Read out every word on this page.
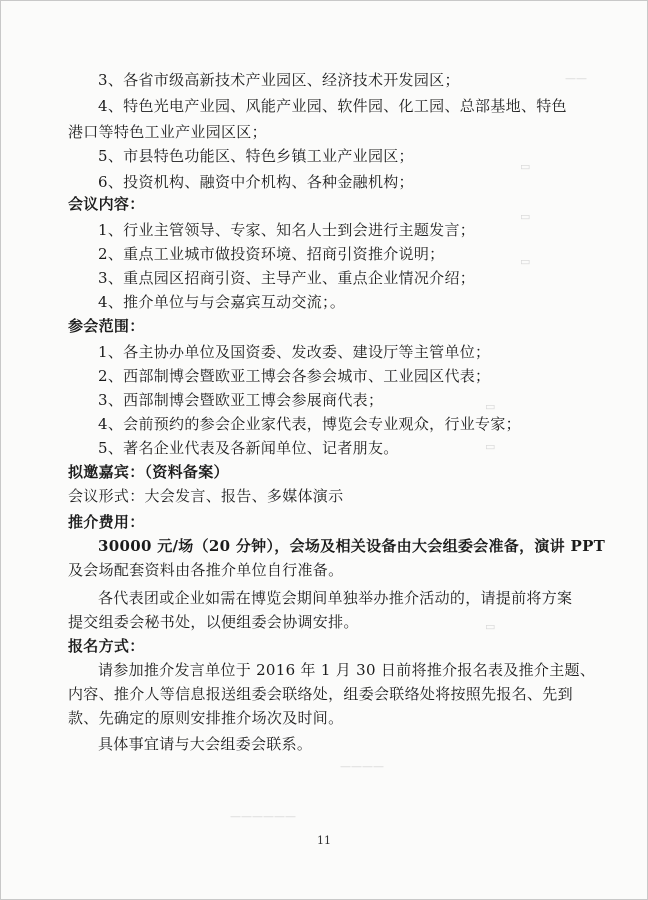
——
▭
▭
▭
▭
▭
▭
————
——————
3、各省市级高新技术产业园区、经济技术开发园区；
4、特色光电产业园、风能产业园、软件园、化工园、总部基地、特色
港口等特色工业产业园区区；
5、市县特色功能区、特色乡镇工业产业园区；
6、投资机构、融资中介机构、各种金融机构；
会议内容：
1、行业主管领导、专家、知名人士到会进行主题发言；
2、重点工业城市做投资环境、招商引资推介说明；
3、重点园区招商引资、主导产业、重点企业情况介绍；
4、推介单位与与会嘉宾互动交流；。
参会范围：
1、各主协办单位及国资委、发改委、建设厅等主管单位；
2、西部制博会暨欧亚工博会各参会城市、工业园区代表；
3、西部制博会暨欧亚工博会参展商代表；
4、会前预约的参会企业家代表，博览会专业观众，行业专家；
5、著名企业代表及各新闻单位、记者朋友。
拟邀嘉宾：（资料备案）
会议形式：大会发言、报告、多媒体演示
推介费用：
30000 元/场（20 分钟），会场及相关设备由大会组委会准备，演讲 PPT
及会场配套资料由各推介单位自行准备。
各代表团或企业如需在博览会期间单独举办推介活动的，请提前将方案
提交组委会秘书处，以便组委会协调安排。
报名方式：
请参加推介发言单位于 2016 年 1 月 30 日前将推介报名表及推介主题、
内容、推介人等信息报送组委会联络处，组委会联络处将按照先报名、先到
款、先确定的原则安排推介场次及时间。
具体事宜请与大会组委会联系。
11
